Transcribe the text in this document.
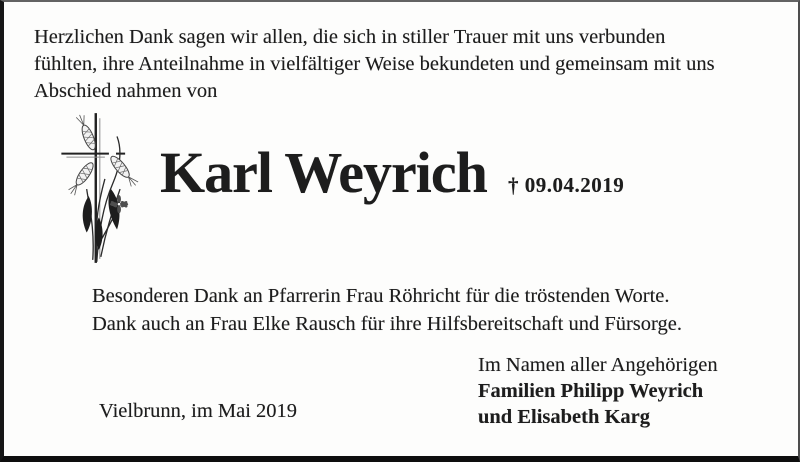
Herzlichen Dank sagen wir allen, die sich in stiller Trauer mit uns verbunden
fühlten, ihre Anteilnahme in vielfältiger Weise bekundeten und gemeinsam mit uns
Abschied nahmen von
Karl Weyrich † 09.04.2019
Besonderen Dank an Pfarrerin Frau Röhricht für die tröstenden Worte.
Dank auch an Frau Elke Rausch für ihre Hilfsbereitschaft und Fürsorge.
Im Namen aller Angehörigen
Familien Philipp Weyrich
und Elisabeth Karg
Vielbrunn, im Mai 2019
